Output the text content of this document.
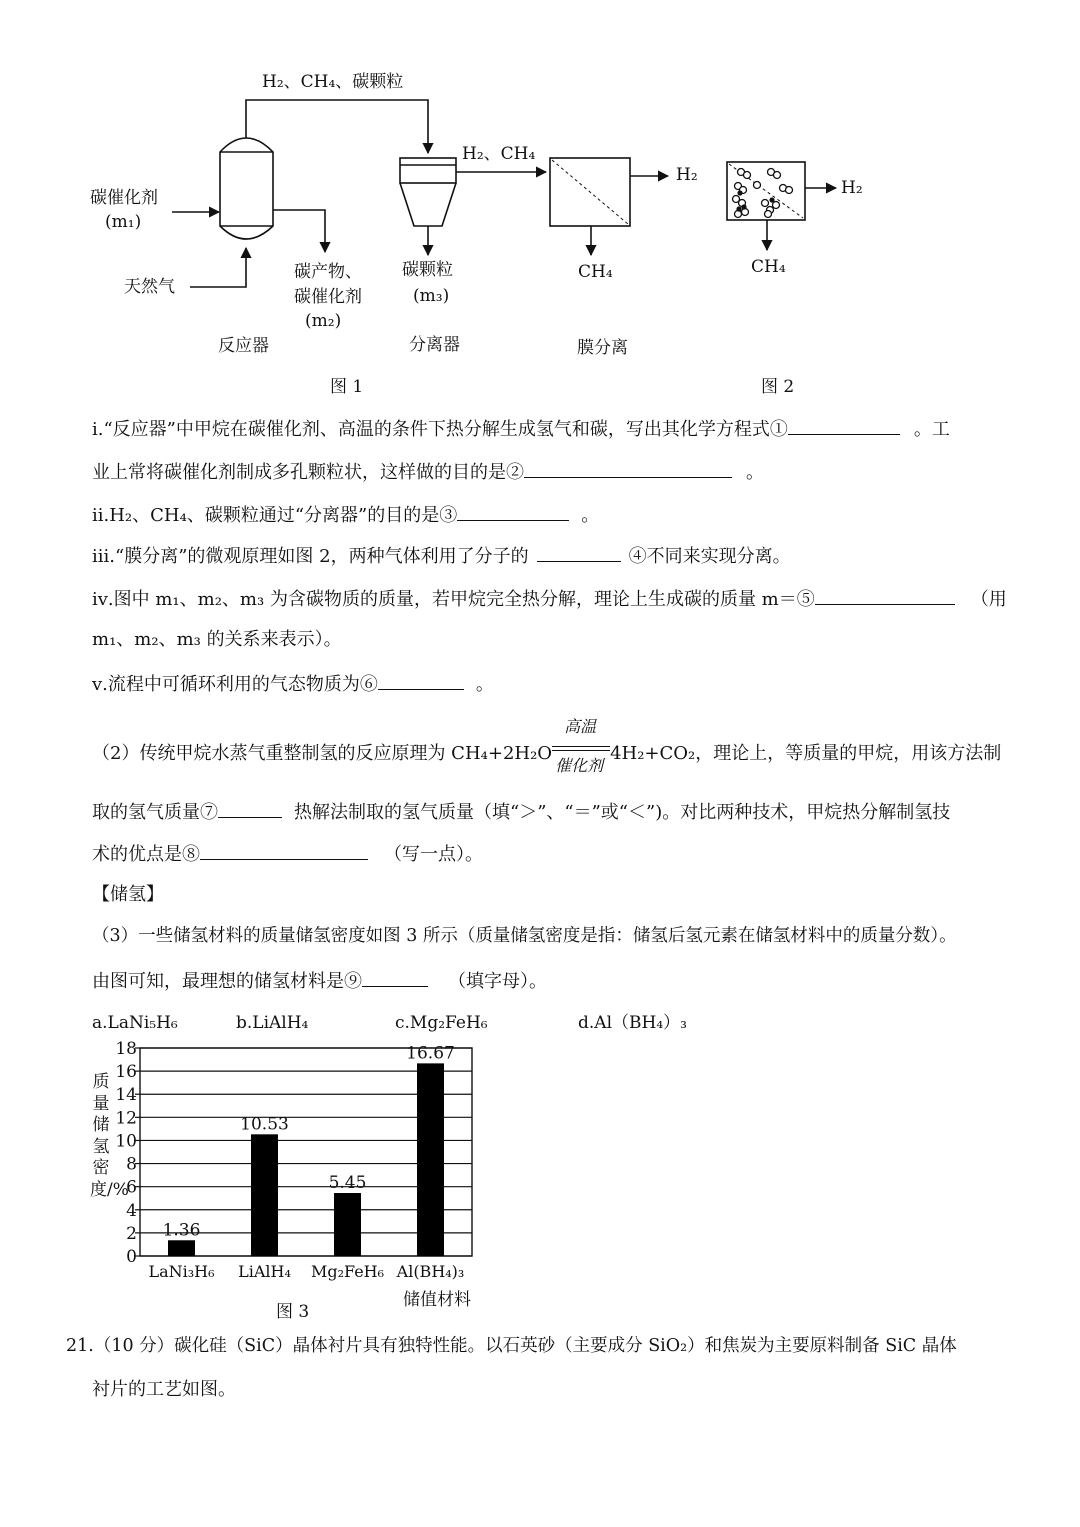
H₂、CH₄、碳颗粒
H₂、CH₄
碳催化剂
(m₁)
天然气
碳产物、
碳催化剂
(m₂)
碳颗粒
(m₃)
H₂
CH₄
反应器	分离器	膜分离
图 1
H₂
CH₄
图 2
ⅰ.“反应器”中甲烷在碳催化剂、高温的条件下热分解生成氢气和碳，写出其化学方程式①	。工
业上常将碳催化剂制成多孔颗粒状，这样做的目的是②	。
ⅱ.H₂、CH₄、碳颗粒通过“分离器”的目的是③	。
ⅲ.“膜分离”的微观原理如图 2，两种气体利用了分子的	④不同来实现分离。
ⅳ.图中 m₁、m₂、m₃ 为含碳物质的质量，若甲烷完全热分解，理论上生成碳的质量 m＝⑤	（用
m₁、m₂、m₃ 的关系来表示）。
ⅴ.流程中可循环利用的气态物质为⑥	。
（2）传统甲烷水蒸气重整制氢的反应原理为 CH₄+2H₂O
高温
催化剂
4H₂+CO₂，理论上，等质量的甲烷，用该方法制
取的氢气质量⑦	热解法制取的氢气质量（填“＞”、“＝”或“＜”)。对比两种技术，甲烷热分解制氢技
术的优点是⑧	（写一点）。
【储氢】
（3）一些储氢材料的质量储氢密度如图 3 所示（质量储氢密度是指：储氢后氢元素在储氢材料中的质量分数）。
由图可知，最理想的储氢材料是⑨	（填字母）。
a.LaNi₅H₆	b.LiAlH₄	c.Mg₂FeH₆	d.Al（BH₄）₃
0
2
4
6
8
10
12
14
16
18
1.36
LaNi₃H₆
10.53
LiAlH₄
5.45
Mg₂FeH₆
16.67
Al(BH₄)₃
质量储氢密度/%
储值材料
图 3
21.（10 分）碳化硅（SiC）晶体衬片具有独特性能。以石英砂（主要成分 SiO₂）和焦炭为主要原料制备 SiC 晶体
衬片的工艺如图。
